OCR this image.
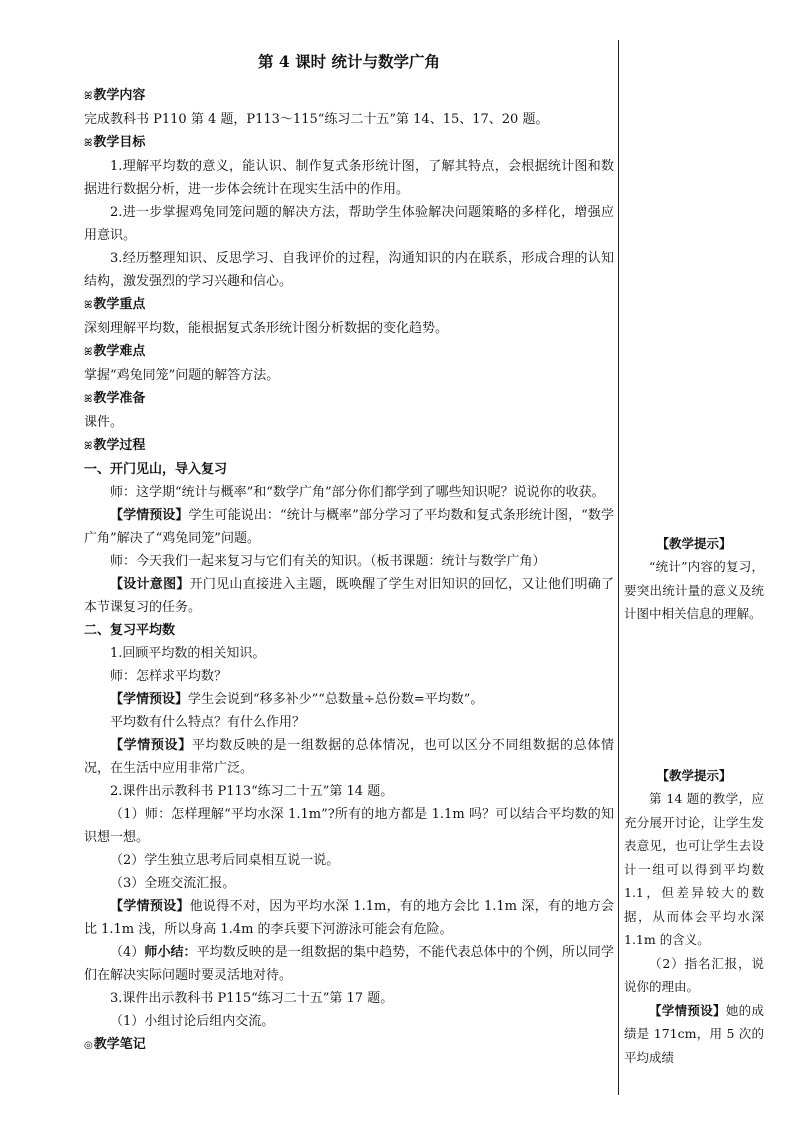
第 4 课时 统计与数学广角
ꕤ教学内容

完成教科书 P110 第 4 题，P113～115“练习二十五”第 14、15、17、20 题。

ꕤ教学目标

1.理解平均数的意义，能认识、制作复式条形统计图，了解其特点，会根据统计图和数据进行数据分析，进一步体会统计在现实生活中的作用。

2.进一步掌握鸡兔同笼问题的解决方法，帮助学生体验解决问题策略的多样化，增强应用意识。

3.经历整理知识、反思学习、自我评价的过程，沟通知识的内在联系，形成合理的认知结构，激发强烈的学习兴趣和信心。

ꕤ教学重点

深刻理解平均数，能根据复式条形统计图分析数据的变化趋势。

ꕤ教学难点

掌握“鸡兔同笼”问题的解答方法。

ꕤ教学准备

课件。

ꕤ教学过程
一、开门见山，导入复习

师：这学期“统计与概率”和“数学广角”部分你们都学到了哪些知识呢？说说你的收获。

【学情预设】学生可能说出：“统计与概率”部分学习了平均数和复式条形统计图，“数学广角”解决了“鸡兔同笼”问题。

师：今天我们一起来复习与它们有关的知识。（板书课题：统计与数学广角）

【设计意图】开门见山直接进入主题，既唤醒了学生对旧知识的回忆，又让他们明确了本节课复习的任务。

二、复习平均数

1.回顾平均数的相关知识。

师：怎样求平均数？

【学情预设】学生会说到“移多补少”“总数量÷总份数=平均数”。

平均数有什么特点？有什么作用？

【学情预设】平均数反映的是一组数据的总体情况，也可以区分不同组数据的总体情况，在生活中应用非常广泛。

2.课件出示教科书 P113“练习二十五”第 14 题。

（1）师：怎样理解“平均水深 1.1m”?所有的地方都是 1.1m 吗？可以结合平均数的知识想一想。

（2）学生独立思考后同桌相互说一说。

（3）全班交流汇报。

【学情预设】他说得不对，因为平均水深 1.1m，有的地方会比 1.1m 深，有的地方会比 1.1m 浅，所以身高 1.4m 的李兵要下河游泳可能会有危险。

（4）师小结：平均数反映的是一组数据的集中趋势，不能代表总体中的个例，所以同学们在解决实际问题时要灵活地对待。

3.课件出示教科书 P115“练习二十五”第 17 题。

（1）小组讨论后组内交流。

◎教学笔记
【教学提示】

“统计”内容的复习，要突出统计量的意义及统计图中相关信息的理解。

【教学提示】

第 14 题的教学，应充分展开讨论，让学生发表意见，也可让学生去设计一组可以得到平均数 1.1，但差异较大的数据，从而体会平均水深 1.1m 的含义。

（2）指名汇报，说说你的理由。

【学情预设】她的成绩是 171cm，用 5 次的平均成绩
